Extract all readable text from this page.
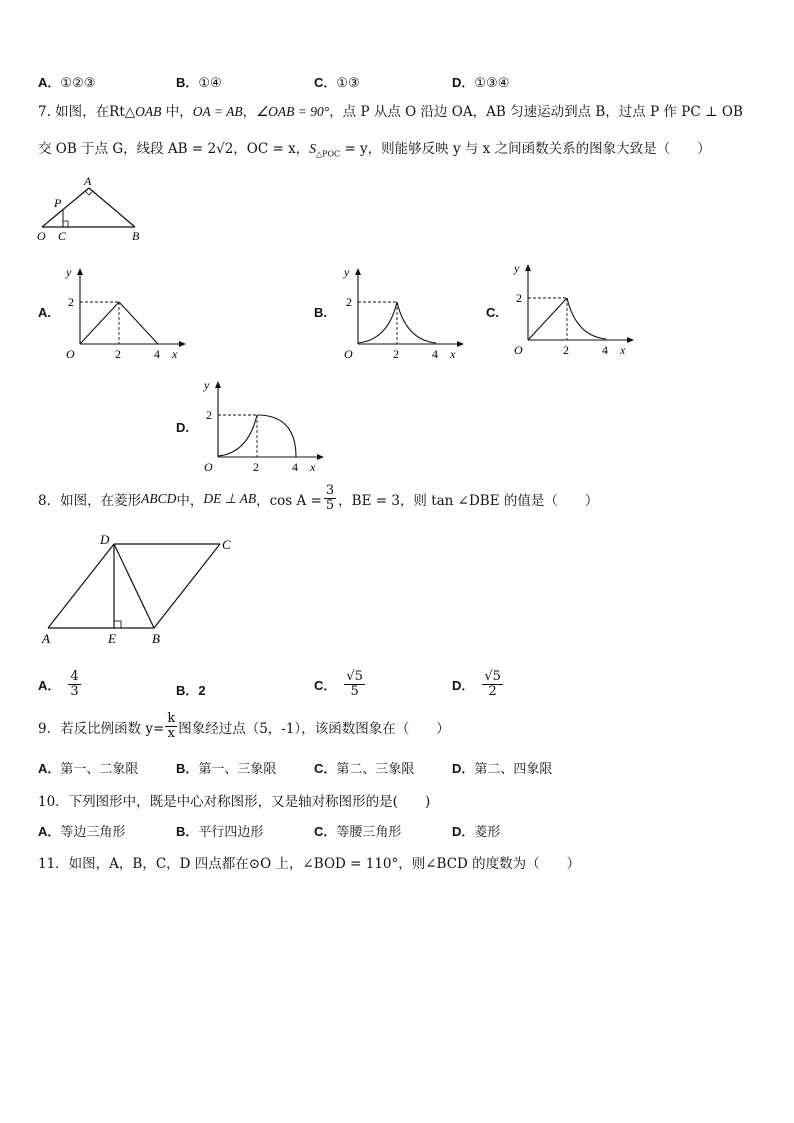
A．①②③	B．①④	C．①③	D．①③④
7. 如图，在Rt△OAB 中，OA = AB，∠OAB = 90°，点 P 从点 O 沿边 OA，AB 匀速运动到点 B，过点 P 作 PC ⊥ OB
交 OB 于点 G，线段 AB = 2√2，OC = x，$S_{\triangle POC} = y$，则能够反映 y 与 x 之间函数关系的图象大致是（　　）
A
P
O C	B
A.
y
2
O	2	4 x
B.
y
2
O	2	4 x
C.
y
2
O	2	4 x
D.
y
2
O	2	4 x
8．如图，在菱形 ABCD 中， DE ⊥ AB ，$\cos A = \frac{3}{5}$ ，BE = 3，则 tan ∠DBE 的值是（　　）
D	C
A	E	B
A． $\frac{4}{3}$	B．2	C． $\frac{√5}{5}$	D． $\frac{√5}{2}$
9．若反比例函数 $y= \frac{k}{x}$ 图象经过点（5，-1），该函数图象在（　　）
A．第一、二象限	B．第一、三象限	C．第二、三象限	D．第二、四象限
10．下列图形中，既是中心对称图形，又是轴对称图形的是(　　)
A．等边三角形	B．平行四边形	C．等腰三角形	D．菱形
11．如图，A，B，C，D 四点都在⊙O 上，∠BOD = 110°，则∠BCD 的度数为（　　）
